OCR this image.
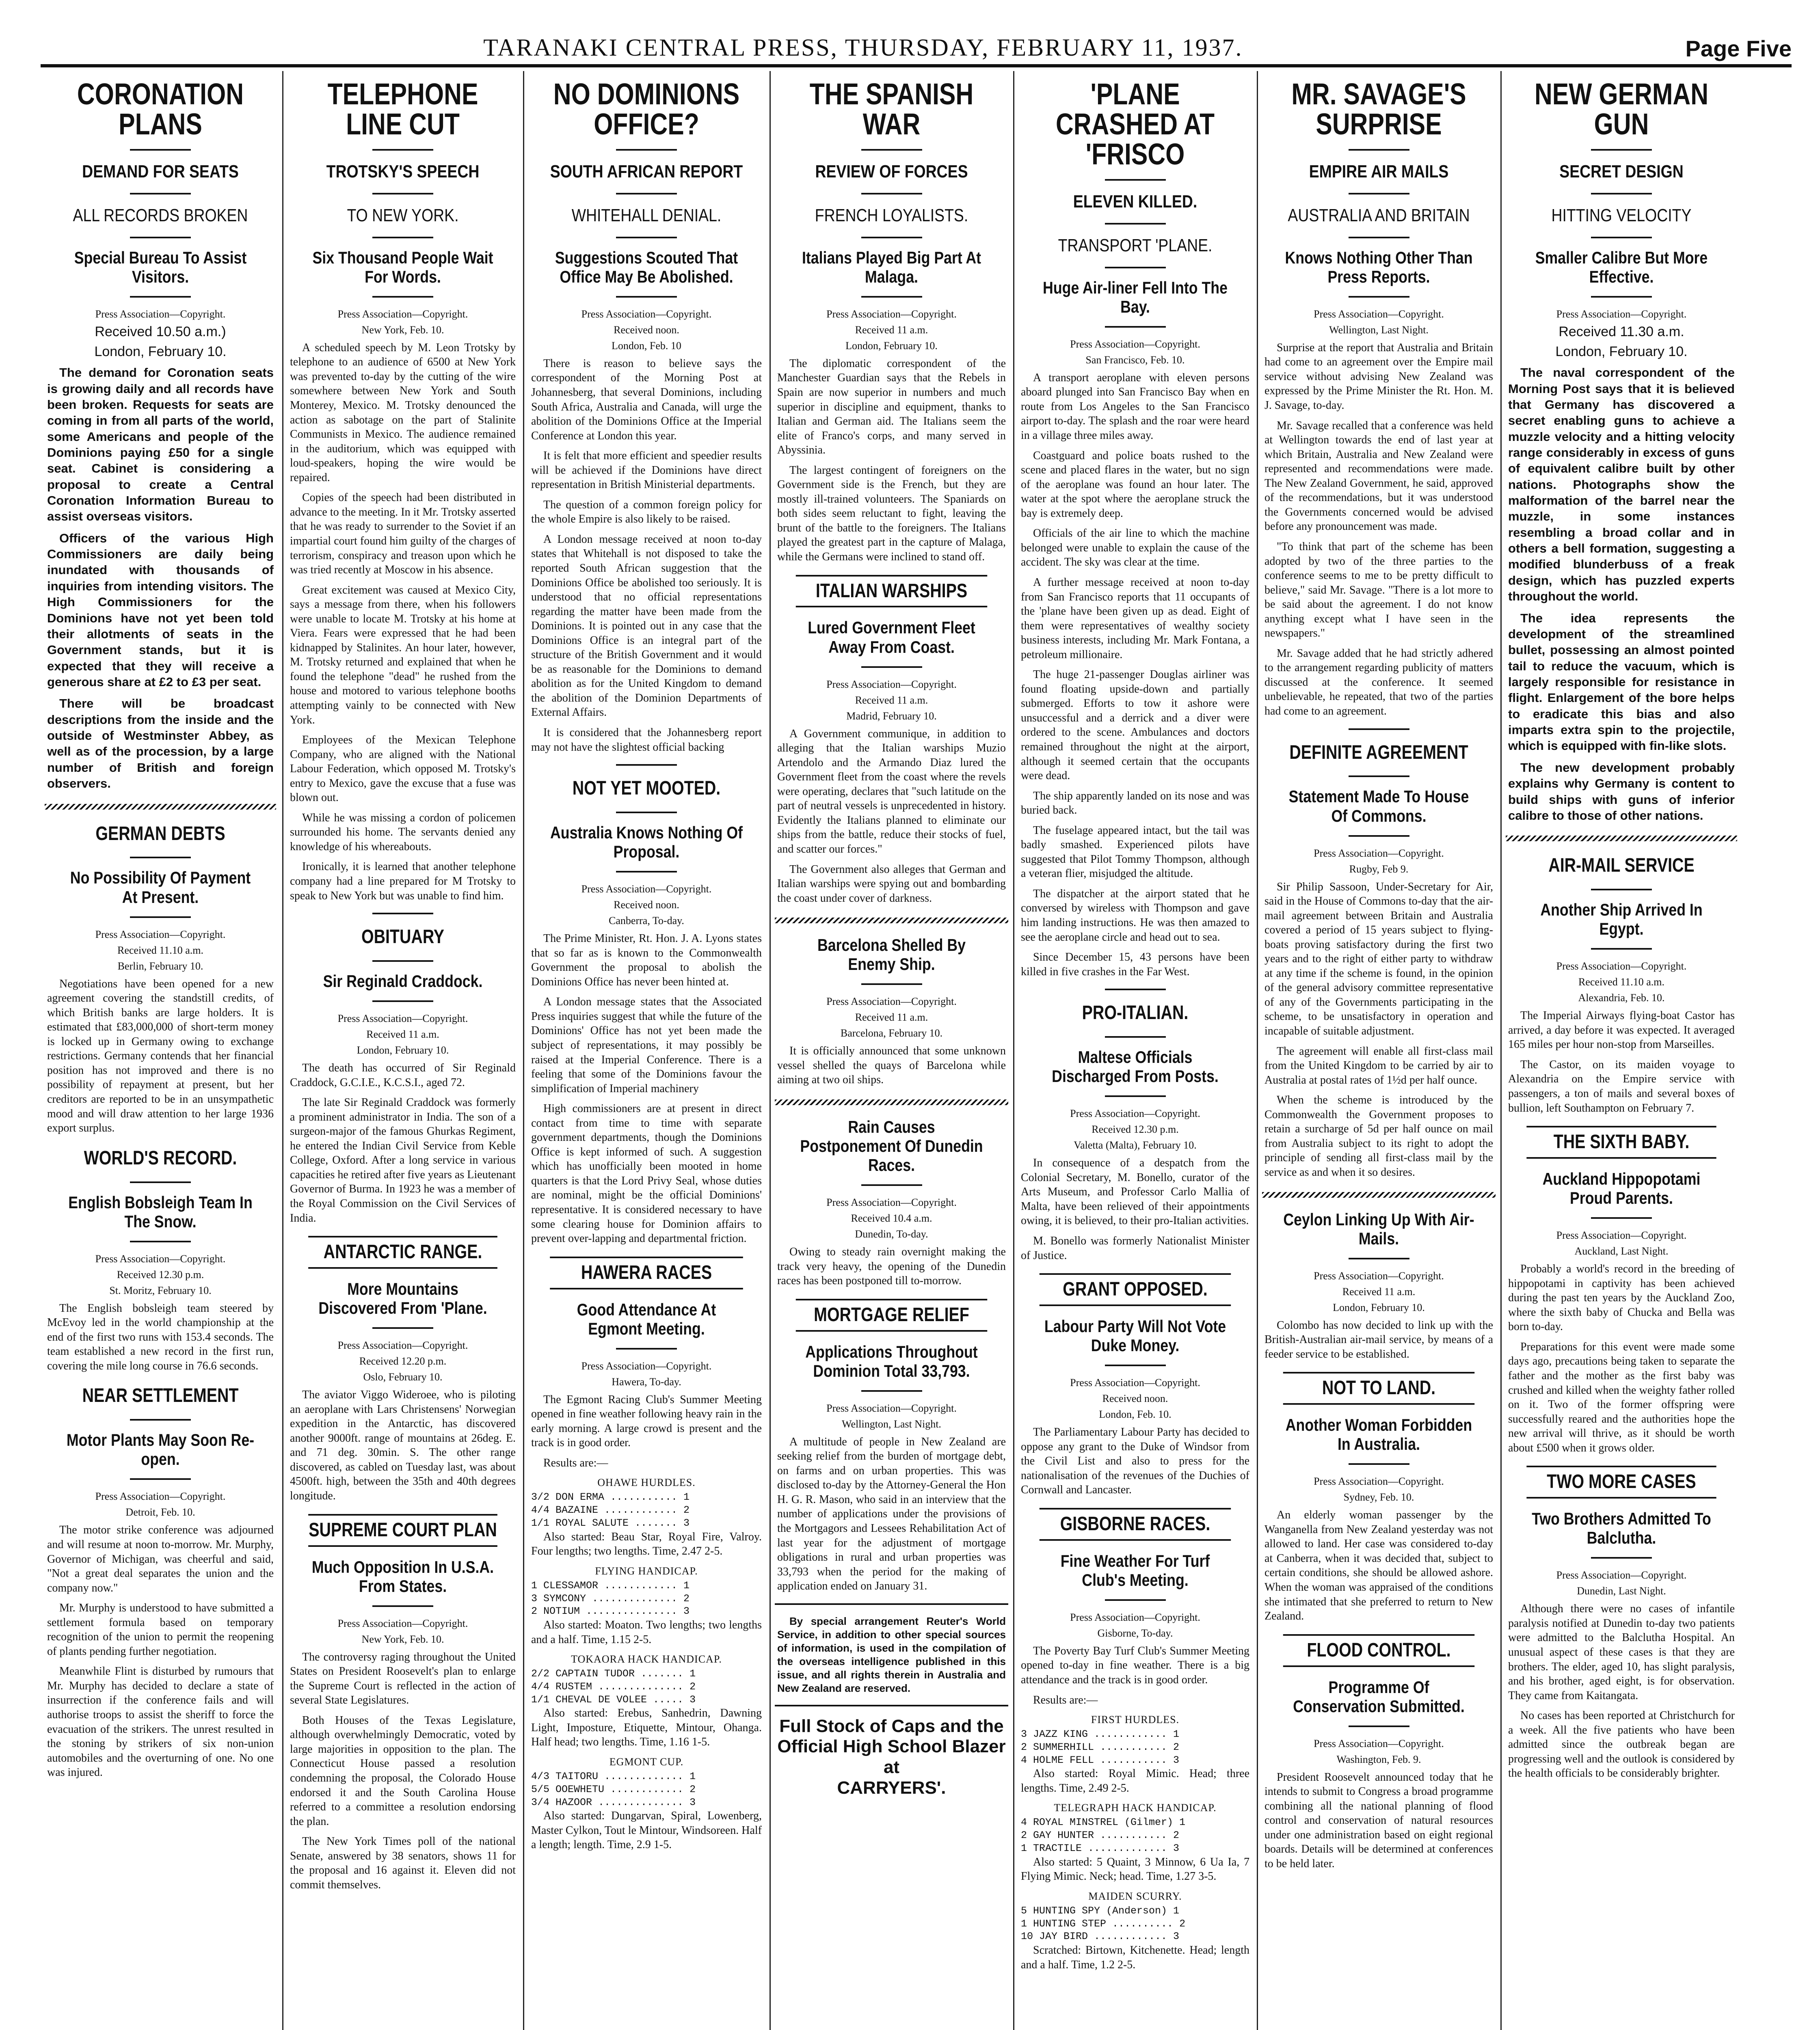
TARANAKI CENTRAL PRESS, THURSDAY, FEBRUARY 11, 1937.	Page Five
CORONATION PLANS
DEMAND FOR SEATS
ALL RECORDS BROKEN
Special Bureau To Assist Visitors.
Press Association—Copyright.
Received 10.50 a.m.)
London, February 10.

The demand for Coronation seats is growing daily and all records have been broken. Requests for seats are coming in from all parts of the world, some Americans and people of the Dominions paying £50 for a single seat. Cabinet is considering a proposal to create a Central Coronation Information Bureau to assist overseas visitors.

Officers of the various High Commissioners are daily being inundated with thousands of inquiries from intending visitors. The High Commissioners for the Dominions have not yet been told their allotments of seats in the Government stands, but it is expected that they will receive a generous share at £2 to £3 per seat.

There will be broadcast descriptions from the inside and the outside of Westminster Abbey, as well as of the procession, by a large number of British and foreign observers.

GERMAN DEBTS
No Possibility Of Payment At Present.
Press Association—Copyright.
Received 11.10 a.m.
Berlin, February 10.

Negotiations have been opened for a new agreement covering the standstill credits, of which British banks are large holders. It is estimated that £83,000,000 of short-term money is locked up in Germany owing to exchange restrictions. Germany contends that her financial position has not improved and there is no possibility of repayment at present, but her creditors are reported to be in an unsympathetic mood and will draw attention to her large 1936 export surplus.

WORLD'S RECORD.
English Bobsleigh Team In The Snow.
Press Association—Copyright.
Received 12.30 p.m.
St. Moritz, February 10.

The English bobsleigh team steered by McEvoy led in the world championship at the end of the first two runs with 153.4 seconds. The team established a new record in the first run, covering the mile long course in 76.6 seconds.

NEAR SETTLEMENT
Motor Plants May Soon Re-open.
Press Association—Copyright.
Detroit, Feb. 10.

The motor strike conference was adjourned and will resume at noon to-morrow. Mr. Murphy, Governor of Michigan, was cheerful and said, "Not a great deal separates the union and the company now."

Mr. Murphy is understood to have submitted a settlement formula based on temporary recognition of the union to permit the reopening of plants pending further negotiation.

Meanwhile Flint is disturbed by rumours that Mr. Murphy has decided to declare a state of insurrection if the conference fails and will authorise troops to assist the sheriff to force the evacuation of the strikers. The unrest resulted in the stoning by strikers of six non-union automobiles and the overturning of one. No one was injured.

TELEPHONE LINE CUT
TROTSKY'S SPEECH
TO NEW YORK.
Six Thousand People Wait For Words.
Press Association—Copyright.
New York, Feb. 10.

A scheduled speech by M. Leon Trotsky by telephone to an audience of 6500 at New York was prevented to-day by the cutting of the wire somewhere between New York and South Monterey, Mexico. M. Trotsky denounced the action as sabotage on the part of Stalinite Communists in Mexico. The audience remained in the auditorium, which was equipped with loud-speakers, hoping the wire would be repaired.

Copies of the speech had been distributed in advance to the meeting. In it Mr. Trotsky asserted that he was ready to surrender to the Soviet if an impartial court found him guilty of the charges of terrorism, conspiracy and treason upon which he was tried recently at Moscow in his absence.

Great excitement was caused at Mexico City, says a message from there, when his followers were unable to locate M. Trotsky at his home at Viera. Fears were expressed that he had been kidnapped by Stalinites. An hour later, however, M. Trotsky returned and explained that when he found the telephone "dead" he rushed from the house and motored to various telephone booths attempting vainly to be connected with New York.

Employees of the Mexican Telephone Company, who are aligned with the National Labour Federation, which opposed M. Trotsky's entry to Mexico, gave the excuse that a fuse was blown out.

While he was missing a cordon of policemen surrounded his home. The servants denied any knowledge of his whereabouts.

Ironically, it is learned that another telephone company had a line prepared for M Trotsky to speak to New York but was unable to find him.

OBITUARY
Sir Reginald Craddock.
Press Association—Copyright.
Received 11 a.m.
London, February 10.

The death has occurred of Sir Reginald Craddock, G.C.I.E., K.C.S.I., aged 72.

The late Sir Reginald Craddock was formerly a prominent administrator in India. The son of a surgeon-major of the famous Ghurkas Regiment, he entered the Indian Civil Service from Keble College, Oxford. After a long service in various capacities he retired after five years as Lieutenant Governor of Burma. In 1923 he was a member of the Royal Commission on the Civil Services of India.

ANTARCTIC RANGE.
More Mountains Discovered From 'Plane.
Press Association—Copyright.
Received 12.20 p.m.
Oslo, February 10.

The aviator Viggo Wideroee, who is piloting an aeroplane with Lars Christensens' Norwegian expedition in the Antarctic, has discovered another 9000ft. range of mountains at 26deg. E. and 71 deg. 30min. S. The other range discovered, as cabled on Tuesday last, was about 4500ft. high, between the 35th and 40th degrees longitude.

SUPREME COURT PLAN
Much Opposition In U.S.A. From States.
Press Association—Copyright.
New York, Feb. 10.

The controversy raging throughout the United States on President Roosevelt's plan to enlarge the Supreme Court is reflected in the action of several State Legislatures.

Both Houses of the Texas Legislature, although overwhelmingly Democratic, voted by large majorities in opposition to the plan. The Connecticut House passed a resolution condemning the proposal, the Colorado House endorsed it and the South Carolina House referred to a committee a resolution endorsing the plan.

The New York Times poll of the national Senate, answered by 38 senators, shows 11 for the proposal and 16 against it. Eleven did not commit themselves.

NO DOMINIONS OFFICE?
SOUTH AFRICAN REPORT
WHITEHALL DENIAL.
Suggestions Scouted That Office May Be Abolished.
Press Association—Copyright.
Received noon.
London, Feb. 10

There is reason to believe says the correspondent of the Morning Post at Johannesberg, that several Dominions, including South Africa, Australia and Canada, will urge the abolition of the Dominions Office at the Imperial Conference at London this year.

It is felt that more efficient and speedier results will be achieved if the Dominions have direct representation in British Ministerial departments.

The question of a common foreign policy for the whole Empire is also likely to be raised.

A London message received at noon to-day states that Whitehall is not disposed to take the reported South African suggestion that the Dominions Office be abolished too seriously. It is understood that no official representations regarding the matter have been made from the Dominions. It is pointed out in any case that the Dominions Office is an integral part of the structure of the British Government and it would be as reasonable for the Dominions to demand abolition as for the United Kingdom to demand the abolition of the Dominion Departments of External Affairs.

It is considered that the Johannesberg report may not have the slightest official backing

NOT YET MOOTED.
Australia Knows Nothing Of Proposal.
Press Association—Copyright.
Received noon.
Canberra, To-day.

The Prime Minister, Rt. Hon. J. A. Lyons states that so far as is known to the Commonwealth Government the proposal to abolish the Dominions Office has never been hinted at.

A London message states that the Associated Press inquiries suggest that while the future of the Dominions' Office has not yet been made the subject of representations, it may possibly be raised at the Imperial Conference. There is a feeling that some of the Dominions favour the simplification of Imperial machinery

High commissioners are at present in direct contact from time to time with separate government departments, though the Dominions Office is kept informed of such. A suggestion which has unofficially been mooted in home quarters is that the Lord Privy Seal, whose duties are nominal, might be the official Dominions' representative. It is considered necessary to have some clearing house for Dominion affairs to prevent over-lapping and departmental friction.

HAWERA RACES
Good Attendance At Egmont Meeting.
Press Association—Copyright.
Hawera, To-day.

The Egmont Racing Club's Summer Meeting opened in fine weather following heavy rain in the early morning. A large crowd is present and the track is in good order.

Results are:—

OHAWE HURDLES.
3/2 DON ERMA ........... 1
4/4 BAZAINE ............ 2
1/1 ROYAL SALUTE ....... 3

Also started: Beau Star, Royal Fire, Valroy. Four lengths; two lengths. Time, 2.47 2-5.

FLYING HANDICAP.
1 CLESSAMOR ............ 1
3 SYMCONY .............. 2
2 NOTIUM ............... 3

Also started: Moaton. Two lengths; two lengths and a half. Time, 1.15 2-5.

TOKAORA HACK HANDICAP.
2/2 CAPTAIN TUDOR ....... 1
4/4 RUSTEM .............. 2
1/1 CHEVAL DE VOLEE ..... 3

Also started: Erebus, Sanhedrin, Dawning Light, Imposture, Etiquette, Mintour, Ohanga. Half head; two lengths. Time, 1.16 1-5.

EGMONT CUP.
4/3 TAITORU ............. 1
5/5 OOEWHETU ............ 2
3/4 HAZOOR .............. 3

Also started: Dungarvan, Spiral, Lowenberg, Master Cylkon, Tout le Mintour, Windsoreen. Half a length; length. Time, 2.9 1-5.

THE SPANISH WAR
REVIEW OF FORCES
FRENCH LOYALISTS.
Italians Played Big Part At Malaga.
Press Association—Copyright.
Received 11 a.m.
London, February 10.

The diplomatic correspondent of the Manchester Guardian says that the Rebels in Spain are now superior in numbers and much superior in discipline and equipment, thanks to Italian and German aid. The Italians seem the elite of Franco's corps, and many served in Abyssinia.

The largest contingent of foreigners on the Government side is the French, but they are mostly ill-trained volunteers. The Spaniards on both sides seem reluctant to fight, leaving the brunt of the battle to the foreigners. The Italians played the greatest part in the capture of Malaga, while the Germans were inclined to stand off.

ITALIAN WARSHIPS
Lured Government Fleet Away From Coast.
Press Association—Copyright.
Received 11 a.m.
Madrid, February 10.

A Government communique, in addition to alleging that the Italian warships Muzio Artendolo and the Armando Diaz lured the Government fleet from the coast where the revels were operating, declares that "such latitude on the part of neutral vessels is unprecedented in history. Evidently the Italians planned to eliminate our ships from the battle, reduce their stocks of fuel, and scatter our forces."

The Government also alleges that German and Italian warships were spying out and bombarding the coast under cover of darkness.

Barcelona Shelled By Enemy Ship.
Press Association—Copyright.
Received 11 a.m.
Barcelona, February 10.

It is officially announced that some unknown vessel shelled the quays of Barcelona while aiming at two oil ships.

Rain Causes Postponement Of Dunedin Races.
Press Association—Copyright.
Received 10.4 a.m.
Dunedin, To-day.

Owing to steady rain overnight making the track very heavy, the opening of the Dunedin races has been postponed till to-morrow.

MORTGAGE RELIEF
Applications Throughout Dominion Total 33,793.
Press Association—Copyright.
Wellington, Last Night.

A multitude of people in New Zealand are seeking relief from the burden of mortgage debt, on farms and on urban properties. This was disclosed to-day by the Attorney-General the Hon H. G. R. Mason, who said in an interview that the number of applications under the provisions of the Mortgagors and Lessees Rehabilitation Act of last year for the adjustment of mortgage obligations in rural and urban properties was 33,793 when the period for the making of application ended on January 31.

By special arrangement Reuter's World Service, in addition to other special sources of information, is used in the compilation of the overseas intelligence published in this issue, and all rights therein in Australia and New Zealand are reserved.

Full Stock of Caps and the Official High School Blazer
at
CARRYERS'.
'PLANE CRASHED AT 'FRISCO
ELEVEN KILLED.
TRANSPORT 'PLANE.
Huge Air-liner Fell Into The Bay.
Press Association—Copyright.
San Francisco, Feb. 10.

A transport aeroplane with eleven persons aboard plunged into San Francisco Bay when en route from Los Angeles to the San Francisco airport to-day. The splash and the roar were heard in a village three miles away.

Coastguard and police boats rushed to the scene and placed flares in the water, but no sign of the aeroplane was found an hour later. The water at the spot where the aeroplane struck the bay is extremely deep.

Officials of the air line to which the machine belonged were unable to explain the cause of the accident. The sky was clear at the time.

A further message received at noon to-day from San Francisco reports that 11 occupants of the 'plane have been given up as dead. Eight of them were representatives of wealthy society business interests, including Mr. Mark Fontana, a petroleum millionaire.

The huge 21-passenger Douglas airliner was found floating upside-down and partially submerged. Efforts to tow it ashore were unsuccessful and a derrick and a diver were ordered to the scene. Ambulances and doctors remained throughout the night at the airport, although it seemed certain that the occupants were dead.

The ship apparently landed on its nose and was buried back.

The fuselage appeared intact, but the tail was badly smashed. Experienced pilots have suggested that Pilot Tommy Thompson, although a veteran flier, misjudged the altitude.

The dispatcher at the airport stated that he conversed by wireless with Thompson and gave him landing instructions. He was then amazed to see the aeroplane circle and head out to sea.

Since December 15, 43 persons have been killed in five crashes in the Far West.

PRO-ITALIAN.
Maltese Officials Discharged From Posts.
Press Association—Copyright.
Received 12.30 p.m.
Valetta (Malta), February 10.

In consequence of a despatch from the Colonial Secretary, M. Bonello, curator of the Arts Museum, and Professor Carlo Mallia of Malta, have been relieved of their appointments owing, it is believed, to their pro-Italian activities.

M. Bonello was formerly Nationalist Minister of Justice.

GRANT OPPOSED.
Labour Party Will Not Vote Duke Money.
Press Association—Copyright.
Received noon.
London, Feb. 10.

The Parliamentary Labour Party has decided to oppose any grant to the Duke of Windsor from the Civil List and also to press for the nationalisation of the revenues of the Duchies of Cornwall and Lancaster.

GISBORNE RACES.
Fine Weather For Turf Club's Meeting.
Press Association—Copyright.
Gisborne, To-day.

The Poverty Bay Turf Club's Summer Meeting opened to-day in fine weather. There is a big attendance and the track is in good order.

Results are:—

FIRST HURDLES.
3 JAZZ KING ............ 1
2 SUMMERHILL ........... 2
4 HOLME FELL ........... 3

Also started: Royal Mimic. Head; three lengths. Time, 2.49 2-5.

TELEGRAPH HACK HANDICAP.
4 ROYAL MINSTREL (Gilmer) 1
2 GAY HUNTER ........... 2
1 TRACTILE ............. 3

Also started: 5 Quaint, 3 Minnow, 6 Ua Ia, 7 Flying Mimic. Neck; head. Time, 1.27 3-5.

MAIDEN SCURRY.
5 HUNTING SPY (Anderson) 1
1 HUNTING STEP .......... 2
10 JAY BIRD ............ 3

Scratched: Birtown, Kitchenette. Head; length and a half. Time, 1.2 2-5.

MR. SAVAGE'S SURPRISE
EMPIRE AIR MAILS
AUSTRALIA AND BRITAIN
Knows Nothing Other Than Press Reports.
Press Association—Copyright.
Wellington, Last Night.

Surprise at the report that Australia and Britain had come to an agreement over the Empire mail service without advising New Zealand was expressed by the Prime Minister the Rt. Hon. M. J. Savage, to-day.

Mr. Savage recalled that a conference was held at Wellington towards the end of last year at which Britain, Australia and New Zealand were represented and recommendations were made. The New Zealand Government, he said, approved of the recommendations, but it was understood the Governments concerned would be advised before any pronouncement was made.

"To think that part of the scheme has been adopted by two of the three parties to the conference seems to me to be pretty difficult to believe," said Mr. Savage. "There is a lot more to be said about the agreement. I do not know anything except what I have seen in the newspapers."

Mr. Savage added that he had strictly adhered to the arrangement regarding publicity of matters discussed at the conference. It seemed unbelievable, he repeated, that two of the parties had come to an agreement.

DEFINITE AGREEMENT
Statement Made To House Of Commons.
Press Association—Copyright.
Rugby, Feb 9.

Sir Philip Sassoon, Under-Secretary for Air, said in the House of Commons to-day that the air-mail agreement between Britain and Australia covered a period of 15 years subject to flying-boats proving satisfactory during the first two years and to the right of either party to withdraw at any time if the scheme is found, in the opinion of the general advisory committee representative of any of the Governments participating in the scheme, to be unsatisfactory in operation and incapable of suitable adjustment.

The agreement will enable all first-class mail from the United Kingdom to be carried by air to Australia at postal rates of 1½d per half ounce.

When the scheme is introduced by the Commonwealth the Government proposes to retain a surcharge of 5d per half ounce on mail from Australia subject to its right to adopt the principle of sending all first-class mail by the service as and when it so desires.

Ceylon Linking Up With Air-Mails.
Press Association—Copyright.
Received 11 a.m.
London, February 10.

Colombo has now decided to link up with the British-Australian air-mail service, by means of a feeder service to be established.

NOT TO LAND.
Another Woman Forbidden In Australia.
Press Association—Copyright.
Sydney, Feb. 10.

An elderly woman passenger by the Wanganella from New Zealand yesterday was not allowed to land. Her case was considered to-day at Canberra, when it was decided that, subject to certain conditions, she should be allowed ashore. When the woman was appraised of the conditions she intimated that she preferred to return to New Zealand.

FLOOD CONTROL.
Programme Of Conservation Submitted.
Press Association—Copyright.
Washington, Feb. 9.

President Roosevelt announced today that he intends to submit to Congress a broad programme combining all the national planning of flood control and conservation of natural resources under one administration based on eight regional boards. Details will be determined at conferences to be held later.

NEW GERMAN GUN
SECRET DESIGN
HITTING VELOCITY
Smaller Calibre But More Effective.
Press Association—Copyright.
Received 11.30 a.m.
London, February 10.

The naval correspondent of the Morning Post says that it is believed that Germany has discovered a secret enabling guns to achieve a muzzle velocity and a hitting velocity range considerably in excess of guns of equivalent calibre built by other nations. Photographs show the malformation of the barrel near the muzzle, in some instances resembling a broad collar and in others a bell formation, suggesting a modified blunderbuss of a freak design, which has puzzled experts throughout the world.

The idea represents the development of the streamlined bullet, possessing an almost pointed tail to reduce the vacuum, which is largely responsible for resistance in flight. Enlargement of the bore helps to eradicate this bias and also imparts extra spin to the projectile, which is equipped with fin-like slots.

The new development probably explains why Germany is content to build ships with guns of inferior calibre to those of other nations.

AIR-MAIL SERVICE
Another Ship Arrived In Egypt.
Press Association—Copyright.
Received 11.10 a.m.
Alexandria, Feb. 10.

The Imperial Airways flying-boat Castor has arrived, a day before it was expected. It averaged 165 miles per hour non-stop from Marseilles.

The Castor, on its maiden voyage to Alexandria on the Empire service with passengers, a ton of mails and several boxes of bullion, left Southampton on February 7.

THE SIXTH BABY.
Auckland Hippopotami Proud Parents.
Press Association—Copyright.
Auckland, Last Night.

Probably a world's record in the breeding of hippopotami in captivity has been achieved during the past ten years by the Auckland Zoo, where the sixth baby of Chucka and Bella was born to-day.

Preparations for this event were made some days ago, precautions being taken to separate the father and the mother as the first baby was crushed and killed when the weighty father rolled on it. Two of the former offspring were successfully reared and the authorities hope the new arrival will thrive, as it should be worth about £500 when it grows older.

TWO MORE CASES
Two Brothers Admitted To Balclutha.
Press Association—Copyright.
Dunedin, Last Night.

Although there were no cases of infantile paralysis notified at Dunedin to-day two patients were admitted to the Balclutha Hospital. An unusual aspect of these cases is that they are brothers. The elder, aged 10, has slight paralysis, and his brother, aged eight, is for observation. They came from Kaitangata.

No cases has been reported at Christchurch for a week. All the five patients who have been admitted since the outbreak began are progressing well and the outlook is considered by the health officials to be considerably brighter.
